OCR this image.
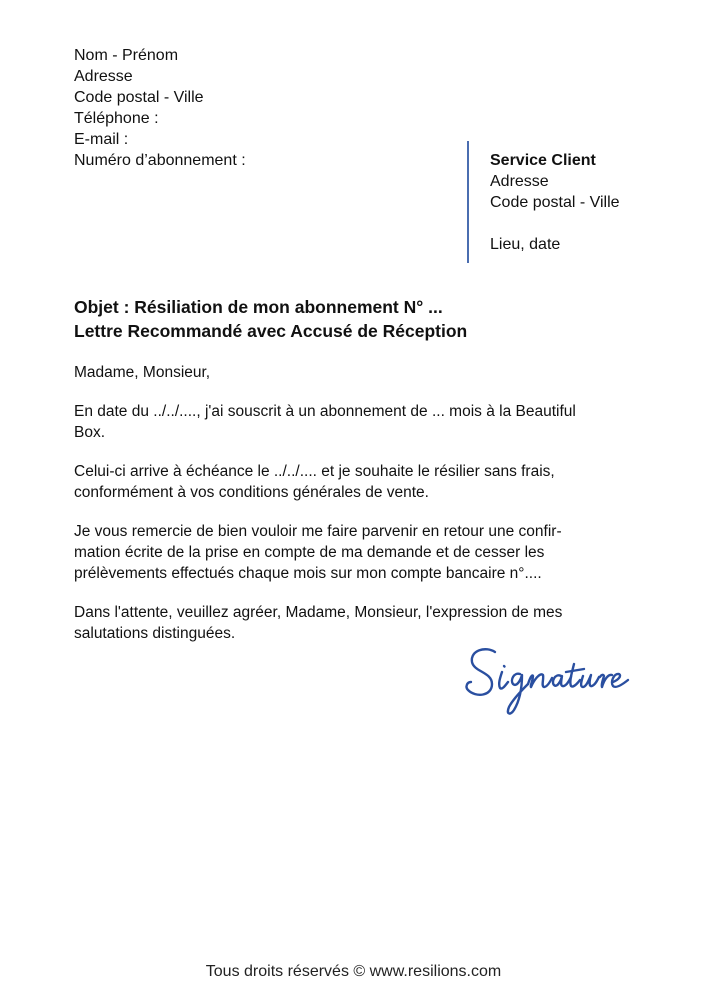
Nom - Prénom
Adresse
Code postal - Ville
Téléphone :
E-mail :
Numéro d’abonnement :	Service Client
Adresse
Code postal - Ville
Lieu, date
Objet : Résiliation de mon abonnement N° ...
Lettre Recommandé avec Accusé de Réception

Madame, Monsieur,

En date du ../../...., j'ai souscrit à un abonnement de ... mois à la Beautiful
Box.

Celui-ci arrive à échéance le ../../.... et je souhaite le résilier sans frais,
conformément à vos conditions générales de vente.

Je vous remercie de bien vouloir me faire parvenir en retour une confir-
mation écrite de la prise en compte de ma demande et de cesser les
prélèvements effectués chaque mois sur mon compte bancaire n°....

Dans l'attente, veuillez agréer, Madame, Monsieur, l'expression de mes
salutations distinguées.

Tous droits réservés © www.resilions.com
